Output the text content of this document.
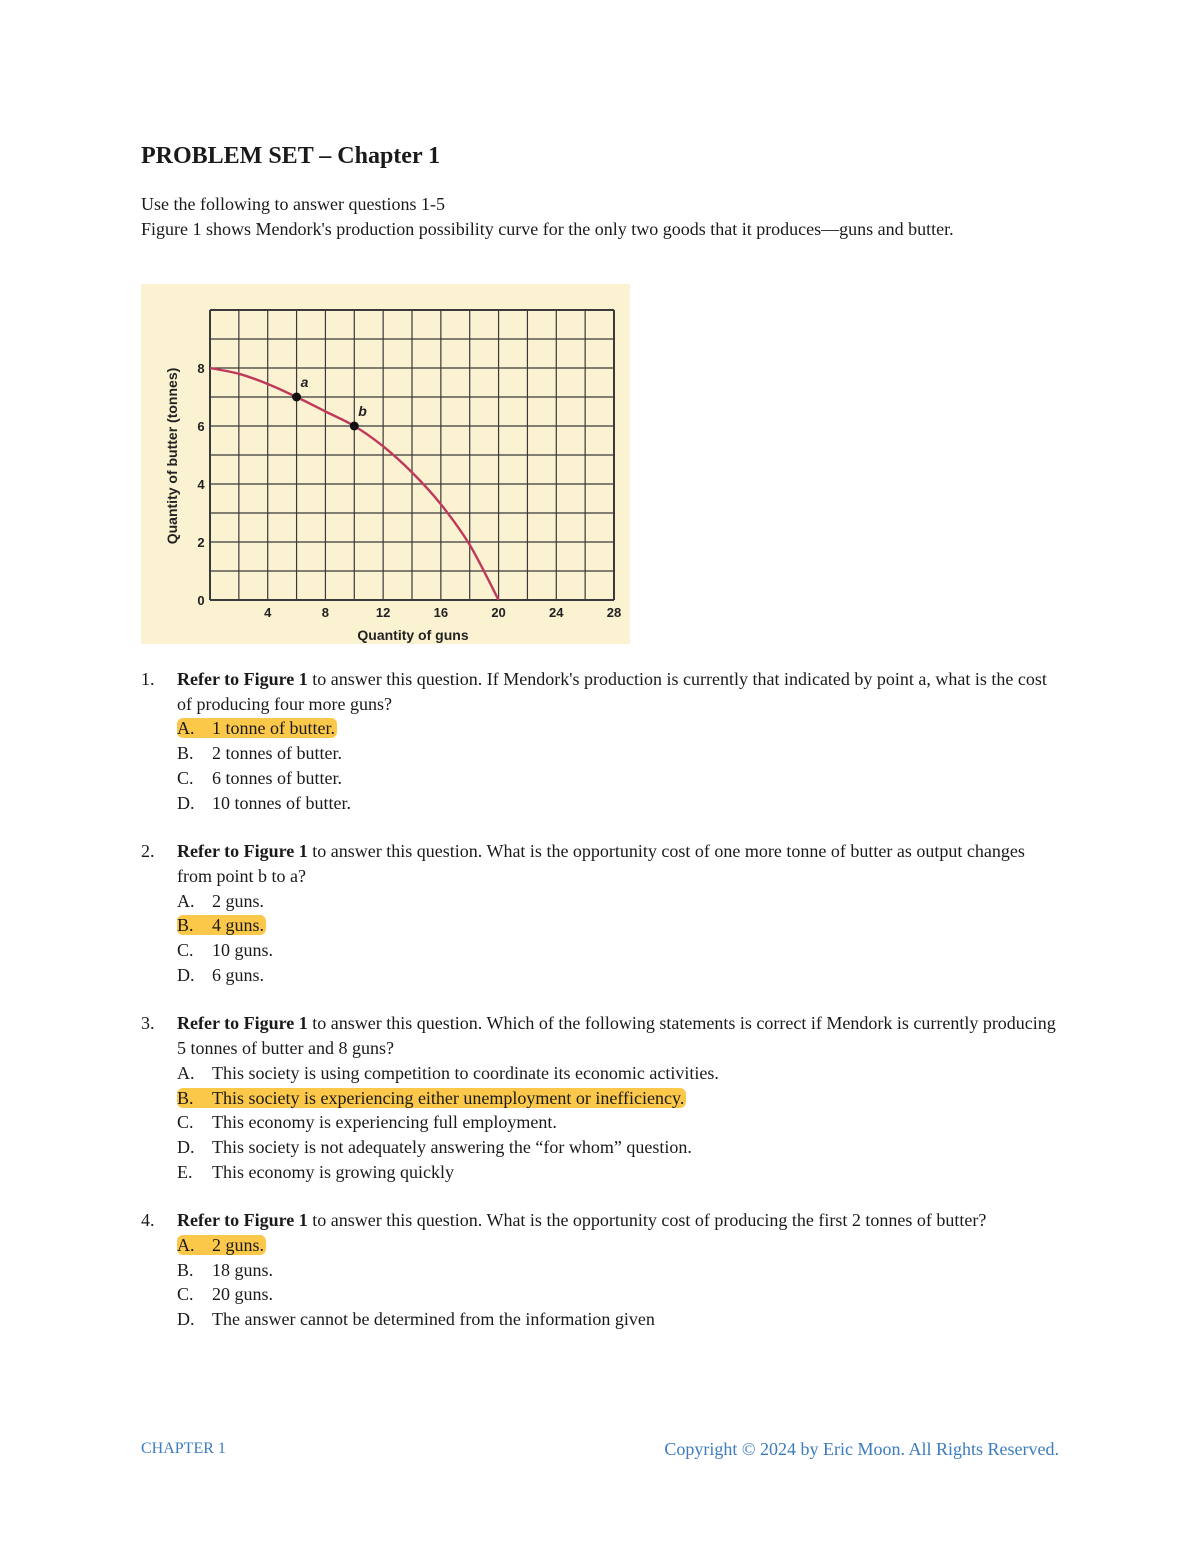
PROBLEM SET – Chapter 1

Use the following to answer questions 1-5

Figure 1 shows Mendork's production possibility curve for the only two goods that it produces—guns and butter.

a
b
4	8	12	16	20	24	28
0
2
4
6
8
Quantity of guns
Quantity of butter (tonnes)
1. Refer to Figure 1 to answer this question. If Mendork's production is currently that indicated by point a, what is the cost of producing four more guns?

A. 1 tonne of butter.
B. 2 tonnes of butter.
C. 6 tonnes of butter.
D. 10 tonnes of butter.
2. Refer to Figure 1 to answer this question. What is the opportunity cost of one more tonne of butter as output changes from point b to a?

A. 2 guns.
B. 4 guns.
C. 10 guns.
D. 6 guns.
3. Refer to Figure 1 to answer this question. Which of the following statements is correct if Mendork is currently producing 5 tonnes of butter and 8 guns?

A. This society is using competition to coordinate its economic activities.
B. This society is experiencing either unemployment or inefficiency.
C. This economy is experiencing full employment.
D. This society is not adequately answering the “for whom” question.
E. This economy is growing quickly
4. Refer to Figure 1 to answer this question. What is the opportunity cost of producing the first 2 tonnes of butter?

A. 2 guns.
B. 18 guns.
C. 20 guns.
D. The answer cannot be determined from the information given
CHAPTER 1	Copyright © 2024 by Eric Moon. All Rights Reserved.
